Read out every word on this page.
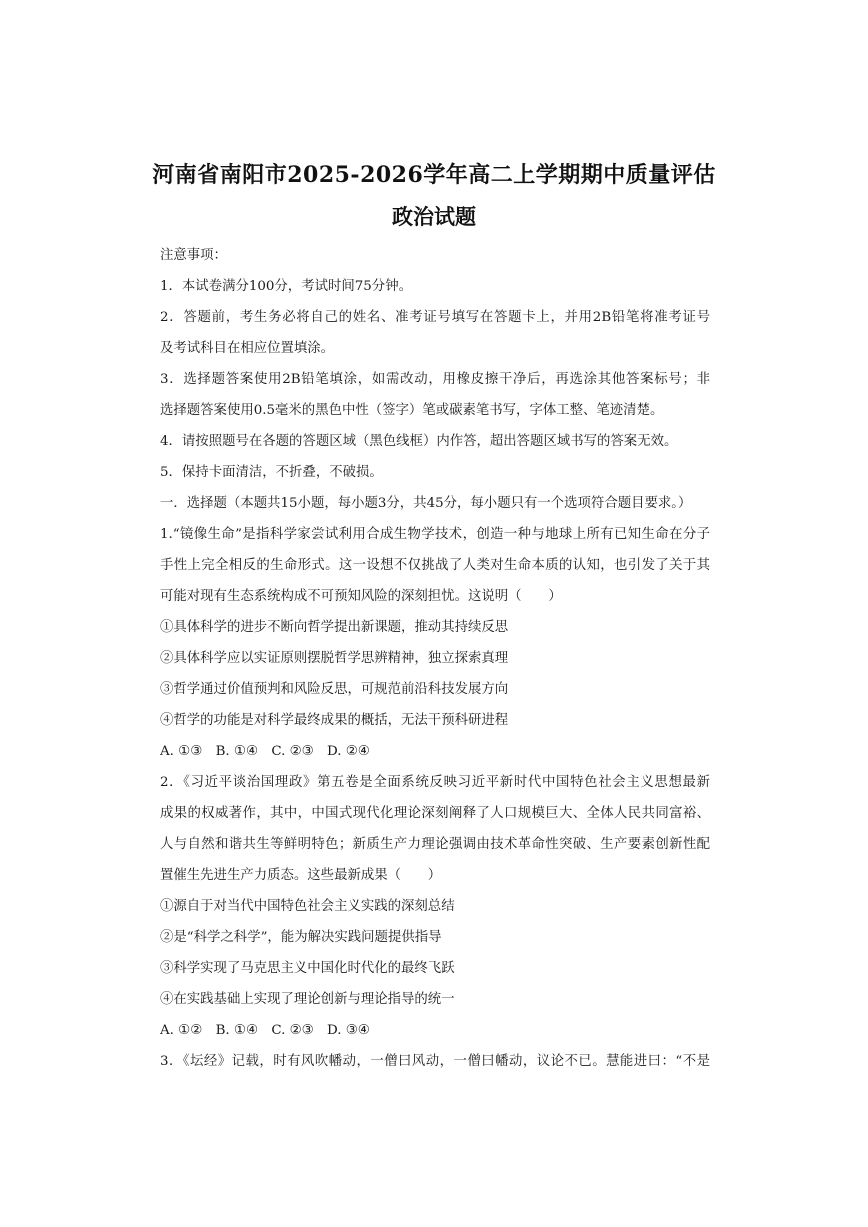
河南省南阳市2025-2026学年高二上学期期中质量评估
政治试题
注意事项：
1．本试卷满分100分，考试时间75分钟。
2．答题前，考生务必将自己的姓名、准考证号填写在答题卡上，并用2B铅笔将准考证号
及考试科目在相应位置填涂。
3．选择题答案使用2B铅笔填涂，如需改动，用橡皮擦干净后，再选涂其他答案标号；非
选择题答案使用0.5毫米的黑色中性（签字）笔或碳素笔书写，字体工整、笔迹清楚。
4．请按照题号在各题的答题区域（黑色线框）内作答，超出答题区域书写的答案无效。
5．保持卡面清洁，不折叠，不破损。
一．选择题（本题共15小题，每小题3分，共45分，每小题只有一个选项符合题目要求。）
1.“镜像生命”是指科学家尝试利用合成生物学技术，创造一种与地球上所有已知生命在分子
手性上完全相反的生命形式。这一设想不仅挑战了人类对生命本质的认知，也引发了关于其
可能对现有生态系统构成不可预知风险的深刻担忧。这说明（　　）
①具体科学的进步不断向哲学提出新课题，推动其持续反思
②具体科学应以实证原则摆脱哲学思辨精神，独立探索真理
③哲学通过价值预判和风险反思，可规范前沿科技发展方向
④哲学的功能是对科学最终成果的概括，无法干预科研进程
A. ①③　B. ①④　C. ②③　D. ②④
2．《习近平谈治国理政》第五卷是全面系统反映习近平新时代中国特色社会主义思想最新
成果的权威著作，其中，中国式现代化理论深刻阐释了人口规模巨大、全体人民共同富裕、
人与自然和谐共生等鲜明特色；新质生产力理论强调由技术革命性突破、生产要素创新性配
置催生先进生产力质态。这些最新成果（　　）
①源自于对当代中国特色社会主义实践的深刻总结
②是“科学之科学”，能为解决实践问题提供指导
③科学实现了马克思主义中国化时代化的最终飞跃
④在实践基础上实现了理论创新与理论指导的统一
A. ①②　B. ①④　C. ②③　D. ③④
3．《坛经》记载，时有风吹幡动，一僧曰风动，一僧曰幡动，议论不已。慧能进曰：“不是
